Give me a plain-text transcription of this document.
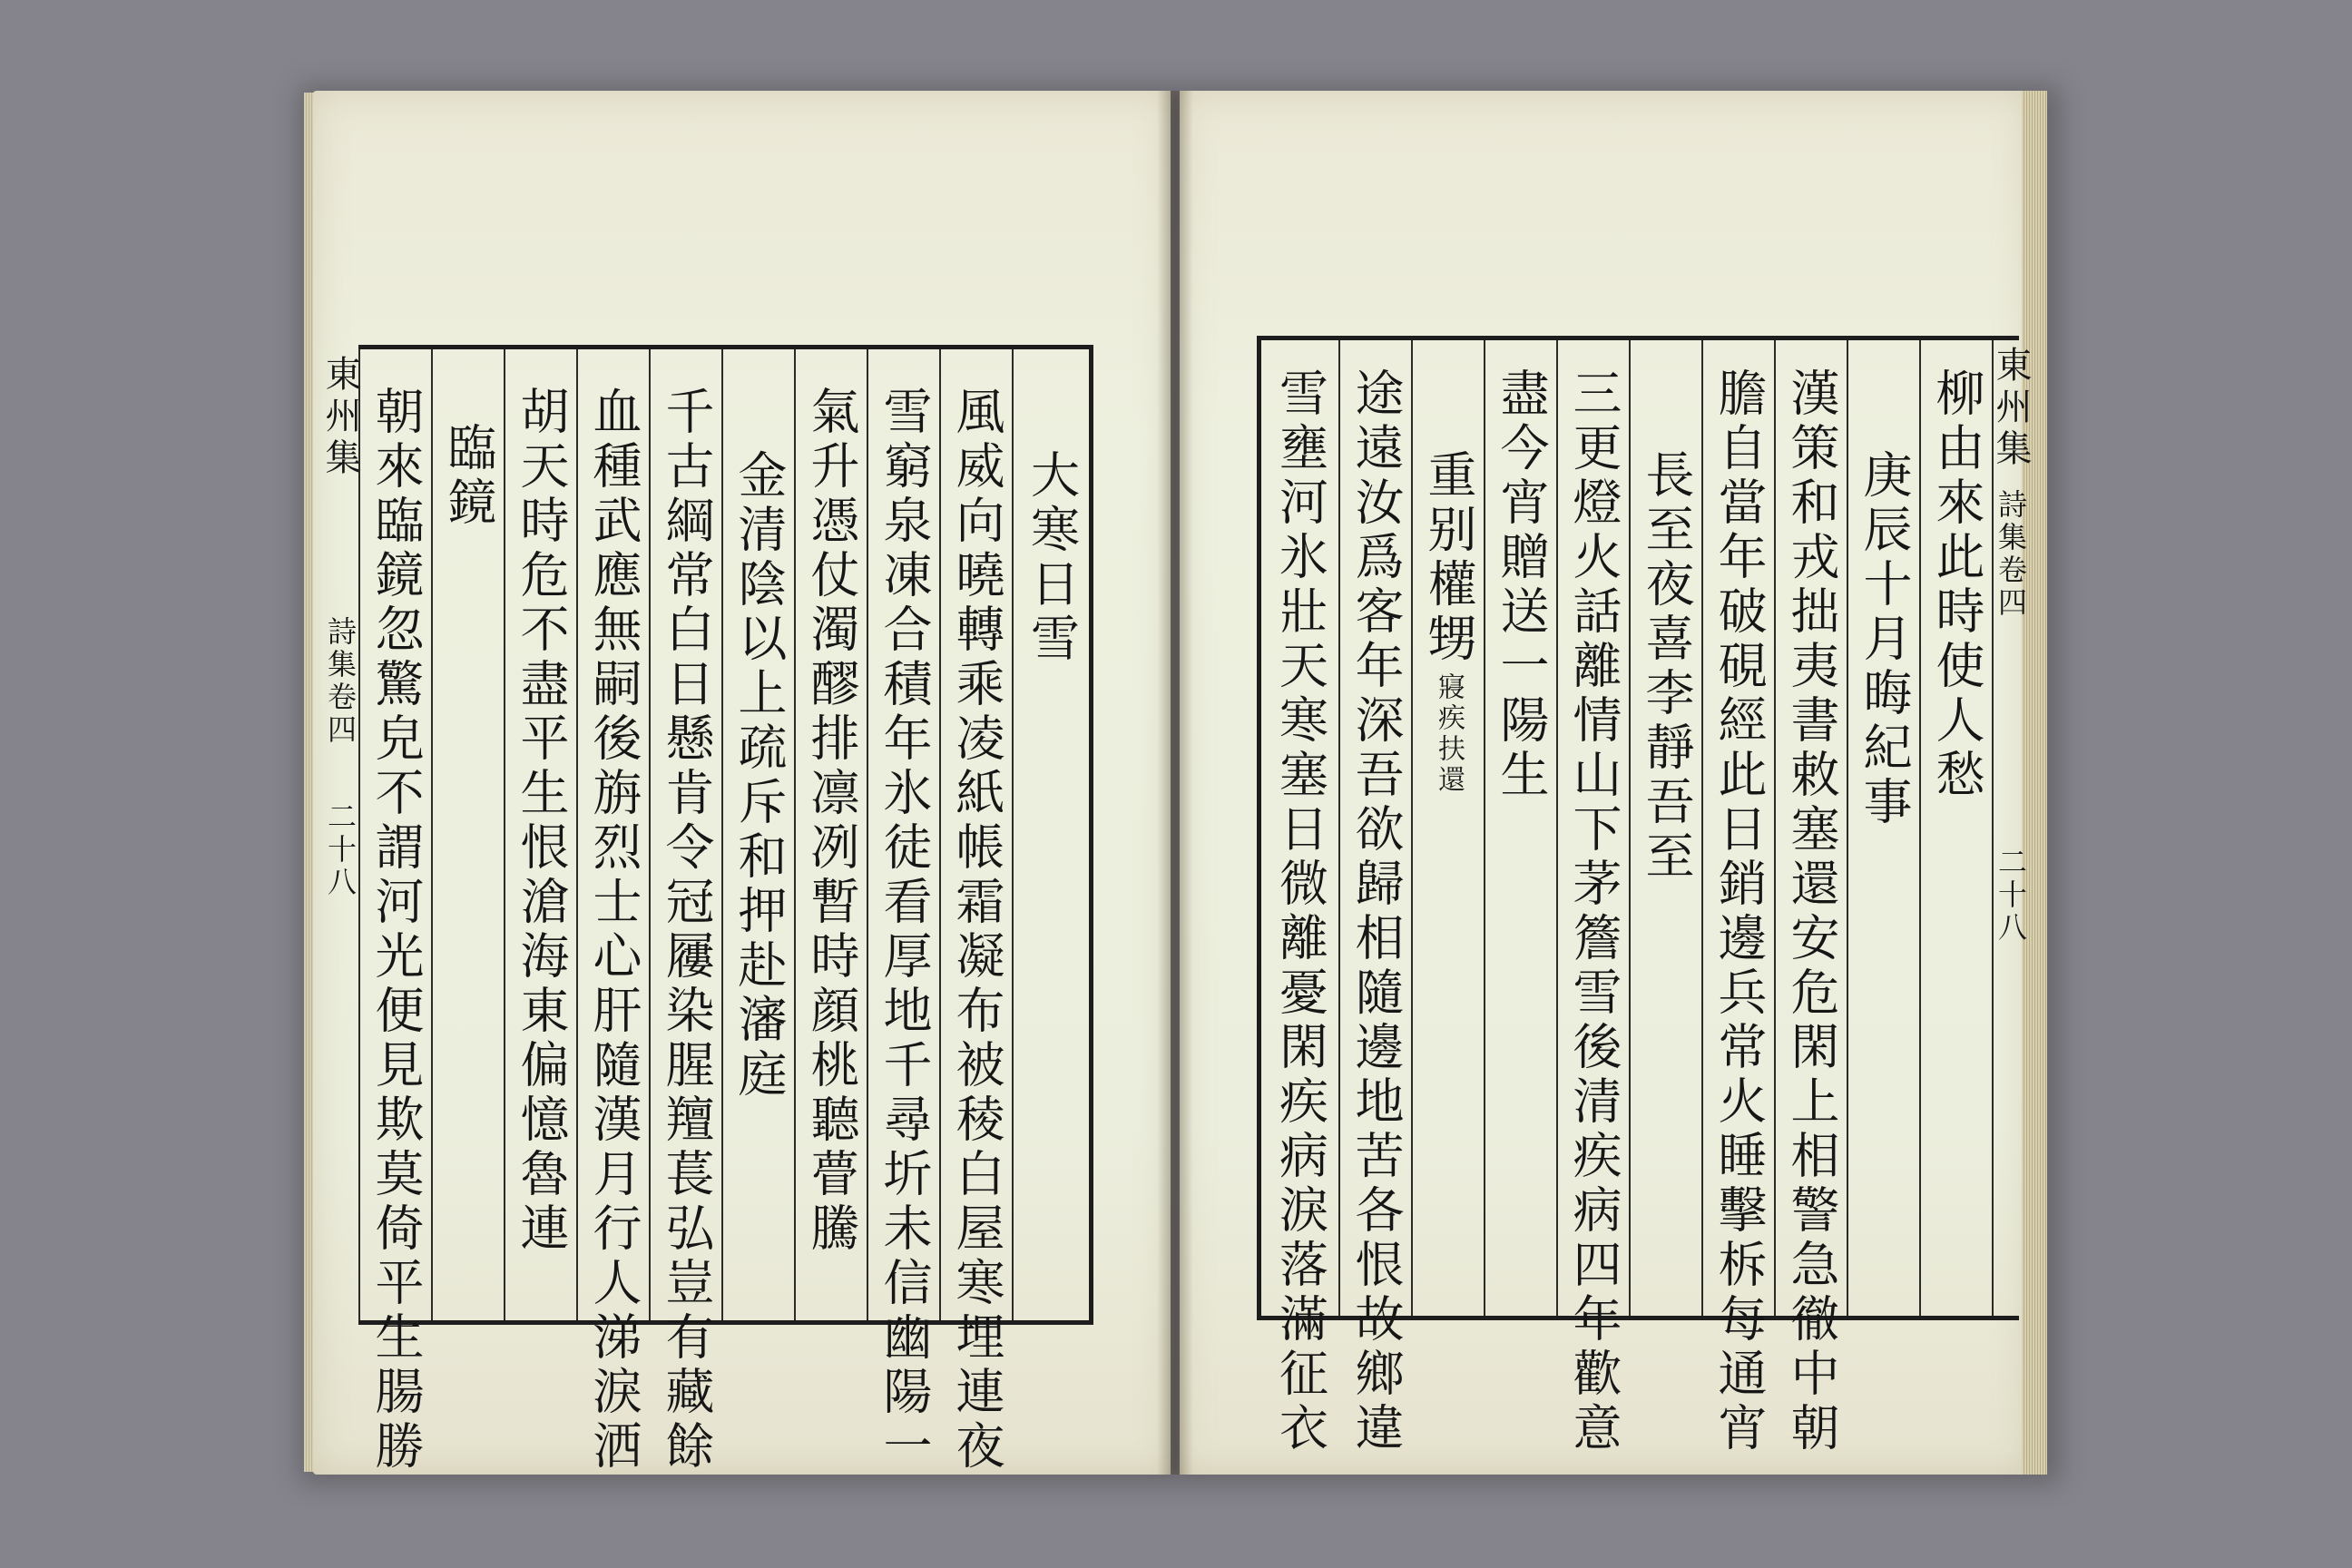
東州集
詩集卷四
二十八 朝來臨鏡忽驚皃不謂河光便見欺莫倚平生腸勝 臨鏡 胡天時危不盡平生恨滄海東偏憶魯連 血種武應無嗣後旃烈士心肝隨漢月行人涕淚洒 千古綱常白日懸肯令冠屨染腥羶萇弘豈有藏餘 金清陰以上疏斥和押赴瀋庭 氣升憑仗濁醪排凛冽暫時顔桃聽瞢騰 雪窮泉凍合積年氷徒看厚地千尋圻未信幽陽一 風威向曉轉乘凌紙帳霜凝布被稜白屋寒埋連夜 大寒日雪	雪壅河氷壯天寒塞日微離憂閑疾病淚落滿征衣 途遠汝爲客年深吾欲歸相隨邊地苦各恨故鄉違 重别權甥
寢疾扶還 盡今宵贈送一陽生 三更燈火話離情山下茅簷雪後清疾病四年歡意 長至夜喜李靜吾至 膽自當年破硯經此日銷邊兵常火睡擊柝每通宵 漢策和戎拙夷書敕塞還安危閑上相警急徹中朝 庚辰十月晦紀事 柳由來此時使人愁 東州集
詩集卷四
二十八
